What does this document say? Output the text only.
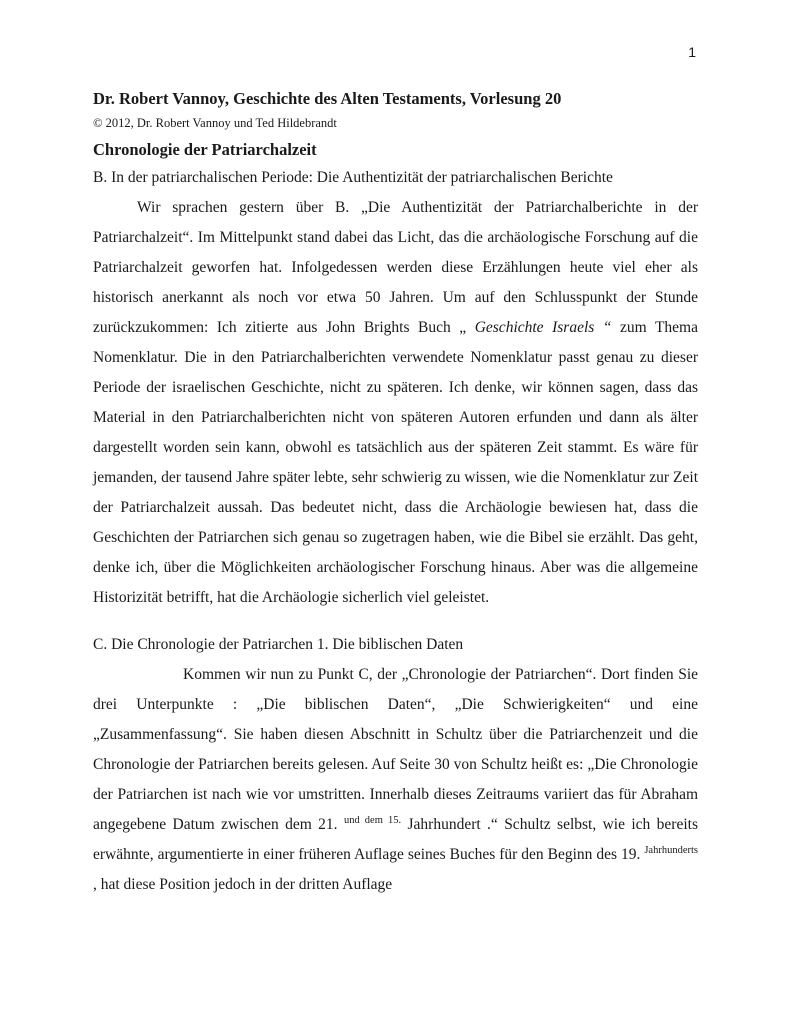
1

Dr. Robert Vannoy, Geschichte des Alten Testaments, Vorlesung 20

© 2012, Dr. Robert Vannoy und Ted Hildebrandt

Chronologie der Patriarchalzeit

B. In der patriarchalischen Periode: Die Authentizität der patriarchalischen Berichte

Wir sprachen gestern über B. „Die Authentizität der Patriarchalberichte in der Patriarchalzeit“. Im Mittelpunkt stand dabei das Licht, das die archäologische Forschung auf die Patriarchalzeit geworfen hat. Infolgedessen werden diese Erzählungen heute viel eher als historisch anerkannt als noch vor etwa 50 Jahren. Um auf den Schlusspunkt der Stunde zurückzukommen: Ich zitierte aus John Brights Buch „ Geschichte Israels “ zum Thema Nomenklatur. Die in den Patriarchalberichten verwendete Nomenklatur passt genau zu dieser Periode der israelischen Geschichte, nicht zu späteren. Ich denke, wir können sagen, dass das Material in den Patriarchalberichten nicht von späteren Autoren erfunden und dann als älter dargestellt worden sein kann, obwohl es tatsächlich aus der späteren Zeit stammt. Es wäre für jemanden, der tausend Jahre später lebte, sehr schwierig zu wissen, wie die Nomenklatur zur Zeit der Patriarchalzeit aussah. Das bedeutet nicht, dass die Archäologie bewiesen hat, dass die Geschichten der Patriarchen sich genau so zugetragen haben, wie die Bibel sie erzählt. Das geht, denke ich, über die Möglichkeiten archäologischer Forschung hinaus. Aber was die allgemeine Historizität betrifft, hat die Archäologie sicherlich viel geleistet.

C. Die Chronologie der Patriarchen 1. Die biblischen Daten

Kommen wir nun zu Punkt C, der „Chronologie der Patriarchen“. Dort finden Sie drei Unterpunkte : „Die biblischen Daten“, „Die Schwierigkeiten“ und eine „Zusammenfassung“. Sie haben diesen Abschnitt in Schultz über die Patriarchenzeit und die Chronologie der Patriarchen bereits gelesen. Auf Seite 30 von Schultz heißt es: „Die Chronologie der Patriarchen ist nach wie vor umstritten. Innerhalb dieses Zeitraums variiert das für Abraham angegebene Datum zwischen dem 21. $^{und dem 15.}$ Jahrhundert .“ Schultz selbst, wie ich bereits erwähnte, argumentierte in einer früheren Auflage seines Buches für den Beginn des 19. $^{Jahrhunderts}$ , hat diese Position jedoch in der dritten Auflage
